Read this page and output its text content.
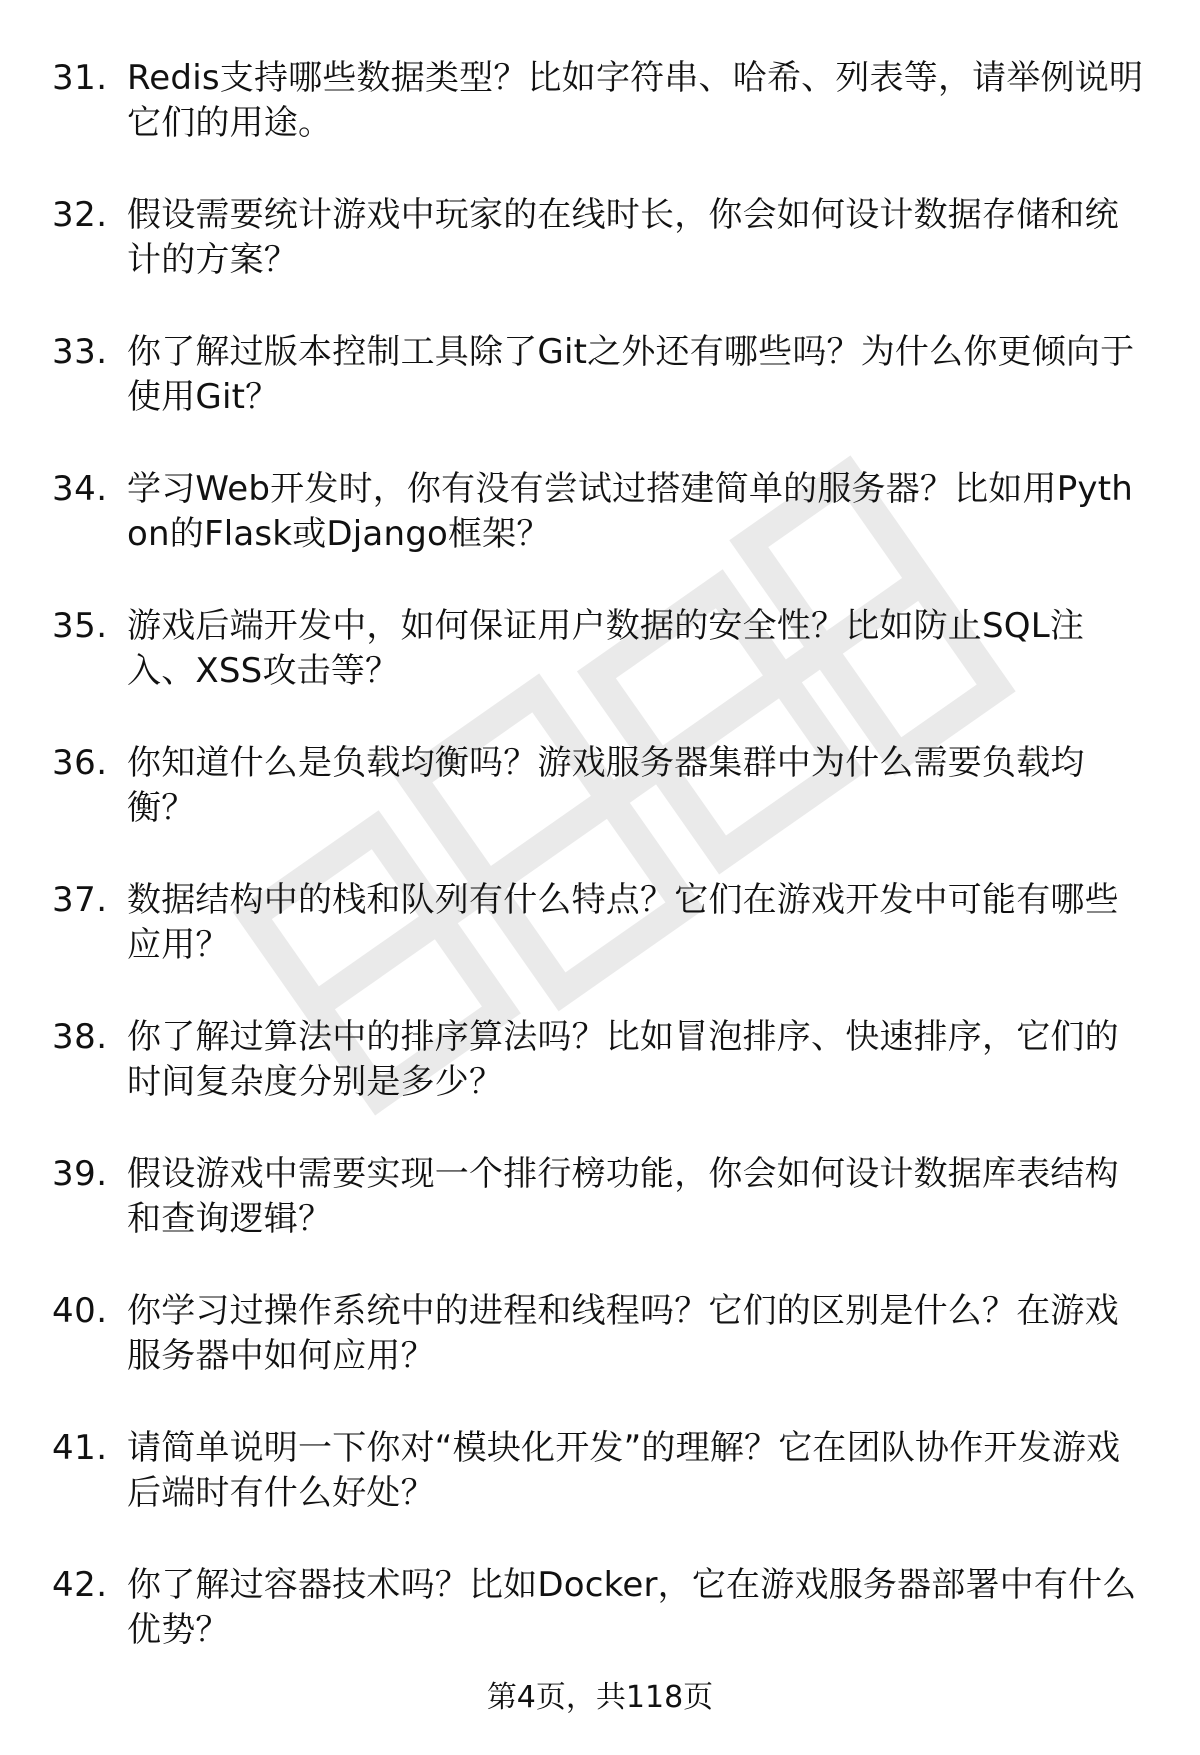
31. Redis支持哪些数据类型？比如字符串、哈希、列表等，请举例说明它们的用途。
32. 假设需要统计游戏中玩家的在线时长，你会如何设计数据存储和统计的方案？
33. 你了解过版本控制工具除了Git之外还有哪些吗？为什么你更倾向于使用Git？
34. 学习Web开发时，你有没有尝试过搭建简单的服务器？比如用Python的Flask或Django框架？
35. 游戏后端开发中，如何保证用户数据的安全性？比如防止SQL注入、XSS攻击等？
36. 你知道什么是负载均衡吗？游戏服务器集群中为什么需要负载均衡？
37. 数据结构中的栈和队列有什么特点？它们在游戏开发中可能有哪些应用？
38. 你了解过算法中的排序算法吗？比如冒泡排序、快速排序，它们的时间复杂度分别是多少？
39. 假设游戏中需要实现一个排行榜功能，你会如何设计数据库表结构和查询逻辑？
40. 你学习过操作系统中的进程和线程吗？它们的区别是什么？在游戏服务器中如何应用？
41. 请简单说明一下你对“模块化开发”的理解？它在团队协作开发游戏后端时有什么好处？
42. 你了解过容器技术吗？比如Docker，它在游戏服务器部署中有什么优势？
第4页，共118页
